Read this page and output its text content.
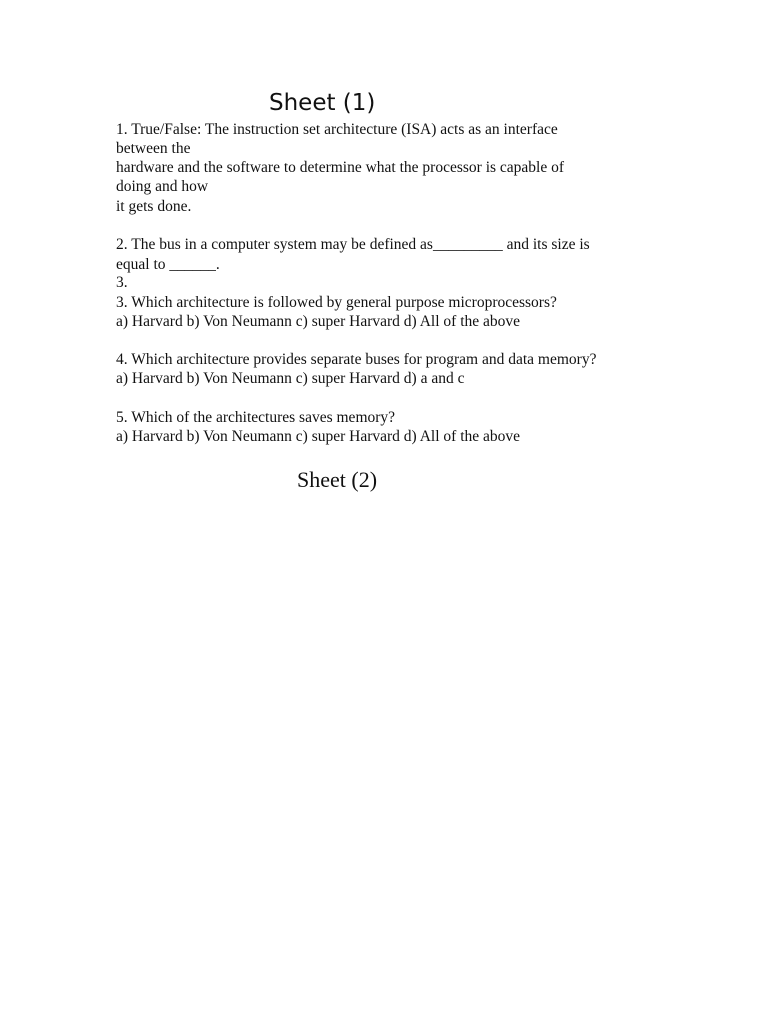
Sheet (1)

1. True/False: The instruction set architecture (ISA) acts as an interface

between the

hardware and the software to determine what the processor is capable of

doing and how

it gets done.

2. The bus in a computer system may be defined as_________ and its size is

equal to ______.

3.

3. Which architecture is followed by general purpose microprocessors?

a) Harvard b) Von Neumann c) super Harvard d) All of the above

4. Which architecture provides separate buses for program and data memory?

a) Harvard b) Von Neumann c) super Harvard d) a and c

5. Which of the architectures saves memory?

a) Harvard b) Von Neumann c) super Harvard d) All of the above

Sheet (2)
